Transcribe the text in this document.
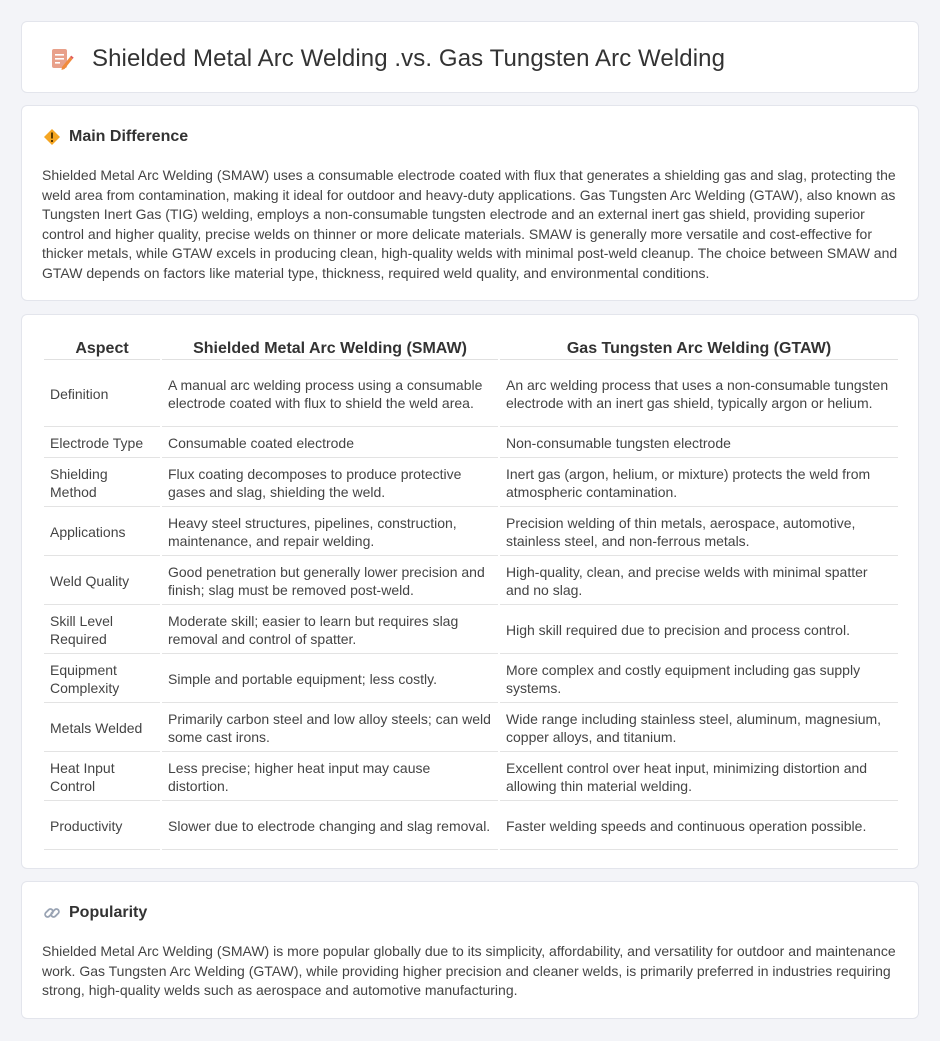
Shielded Metal Arc Welding .vs. Gas Tungsten Arc Welding
Main Difference

Shielded Metal Arc Welding (SMAW) uses a consumable electrode coated with flux that generates a shielding gas and slag, protecting the weld area from contamination, making it ideal for outdoor and heavy-duty applications. Gas Tungsten Arc Welding (GTAW), also known as Tungsten Inert Gas (TIG) welding, employs a non-consumable tungsten electrode and an external inert gas shield, providing superior control and higher quality, precise welds on thinner or more delicate materials. SMAW is generally more versatile and cost-effective for thicker metals, while GTAW excels in producing clean, high-quality welds with minimal post-weld cleanup. The choice between SMAW and GTAW depends on factors like material type, thickness, required weld quality, and environmental conditions.

Aspect	Shielded Metal Arc Welding (SMAW)	Gas Tungsten Arc Welding (GTAW)
Definition	A manual arc welding process using a consumable electrode coated with flux to shield the weld area.	An arc welding process that uses a non-consumable tungsten electrode with an inert gas shield, typically argon or helium.
Electrode Type	Consumable coated electrode	Non-consumable tungsten electrode
Shielding Method	Flux coating decomposes to produce protective gases and slag, shielding the weld.	Inert gas (argon, helium, or mixture) protects the weld from atmospheric contamination.
Applications	Heavy steel structures, pipelines, construction, maintenance, and repair welding.	Precision welding of thin metals, aerospace, automotive, stainless steel, and non-ferrous metals.
Weld Quality	Good penetration but generally lower precision and finish; slag must be removed post-weld.	High-quality, clean, and precise welds with minimal spatter and no slag.
Skill Level Required	Moderate skill; easier to learn but requires slag removal and control of spatter.	High skill required due to precision and process control.
Equipment Complexity	Simple and portable equipment; less costly.	More complex and costly equipment including gas supply systems.
Metals Welded	Primarily carbon steel and low alloy steels; can weld some cast irons.	Wide range including stainless steel, aluminum, magnesium, copper alloys, and titanium.
Heat Input Control	Less precise; higher heat input may cause distortion.	Excellent control over heat input, minimizing distortion and allowing thin material welding.
Productivity	Slower due to electrode changing and slag removal.	Faster welding speeds and continuous operation possible.
Popularity

Shielded Metal Arc Welding (SMAW) is more popular globally due to its simplicity, affordability, and versatility for outdoor and maintenance work. Gas Tungsten Arc Welding (GTAW), while providing higher precision and cleaner welds, is primarily preferred in industries requiring strong, high-quality welds such as aerospace and automotive manufacturing.
